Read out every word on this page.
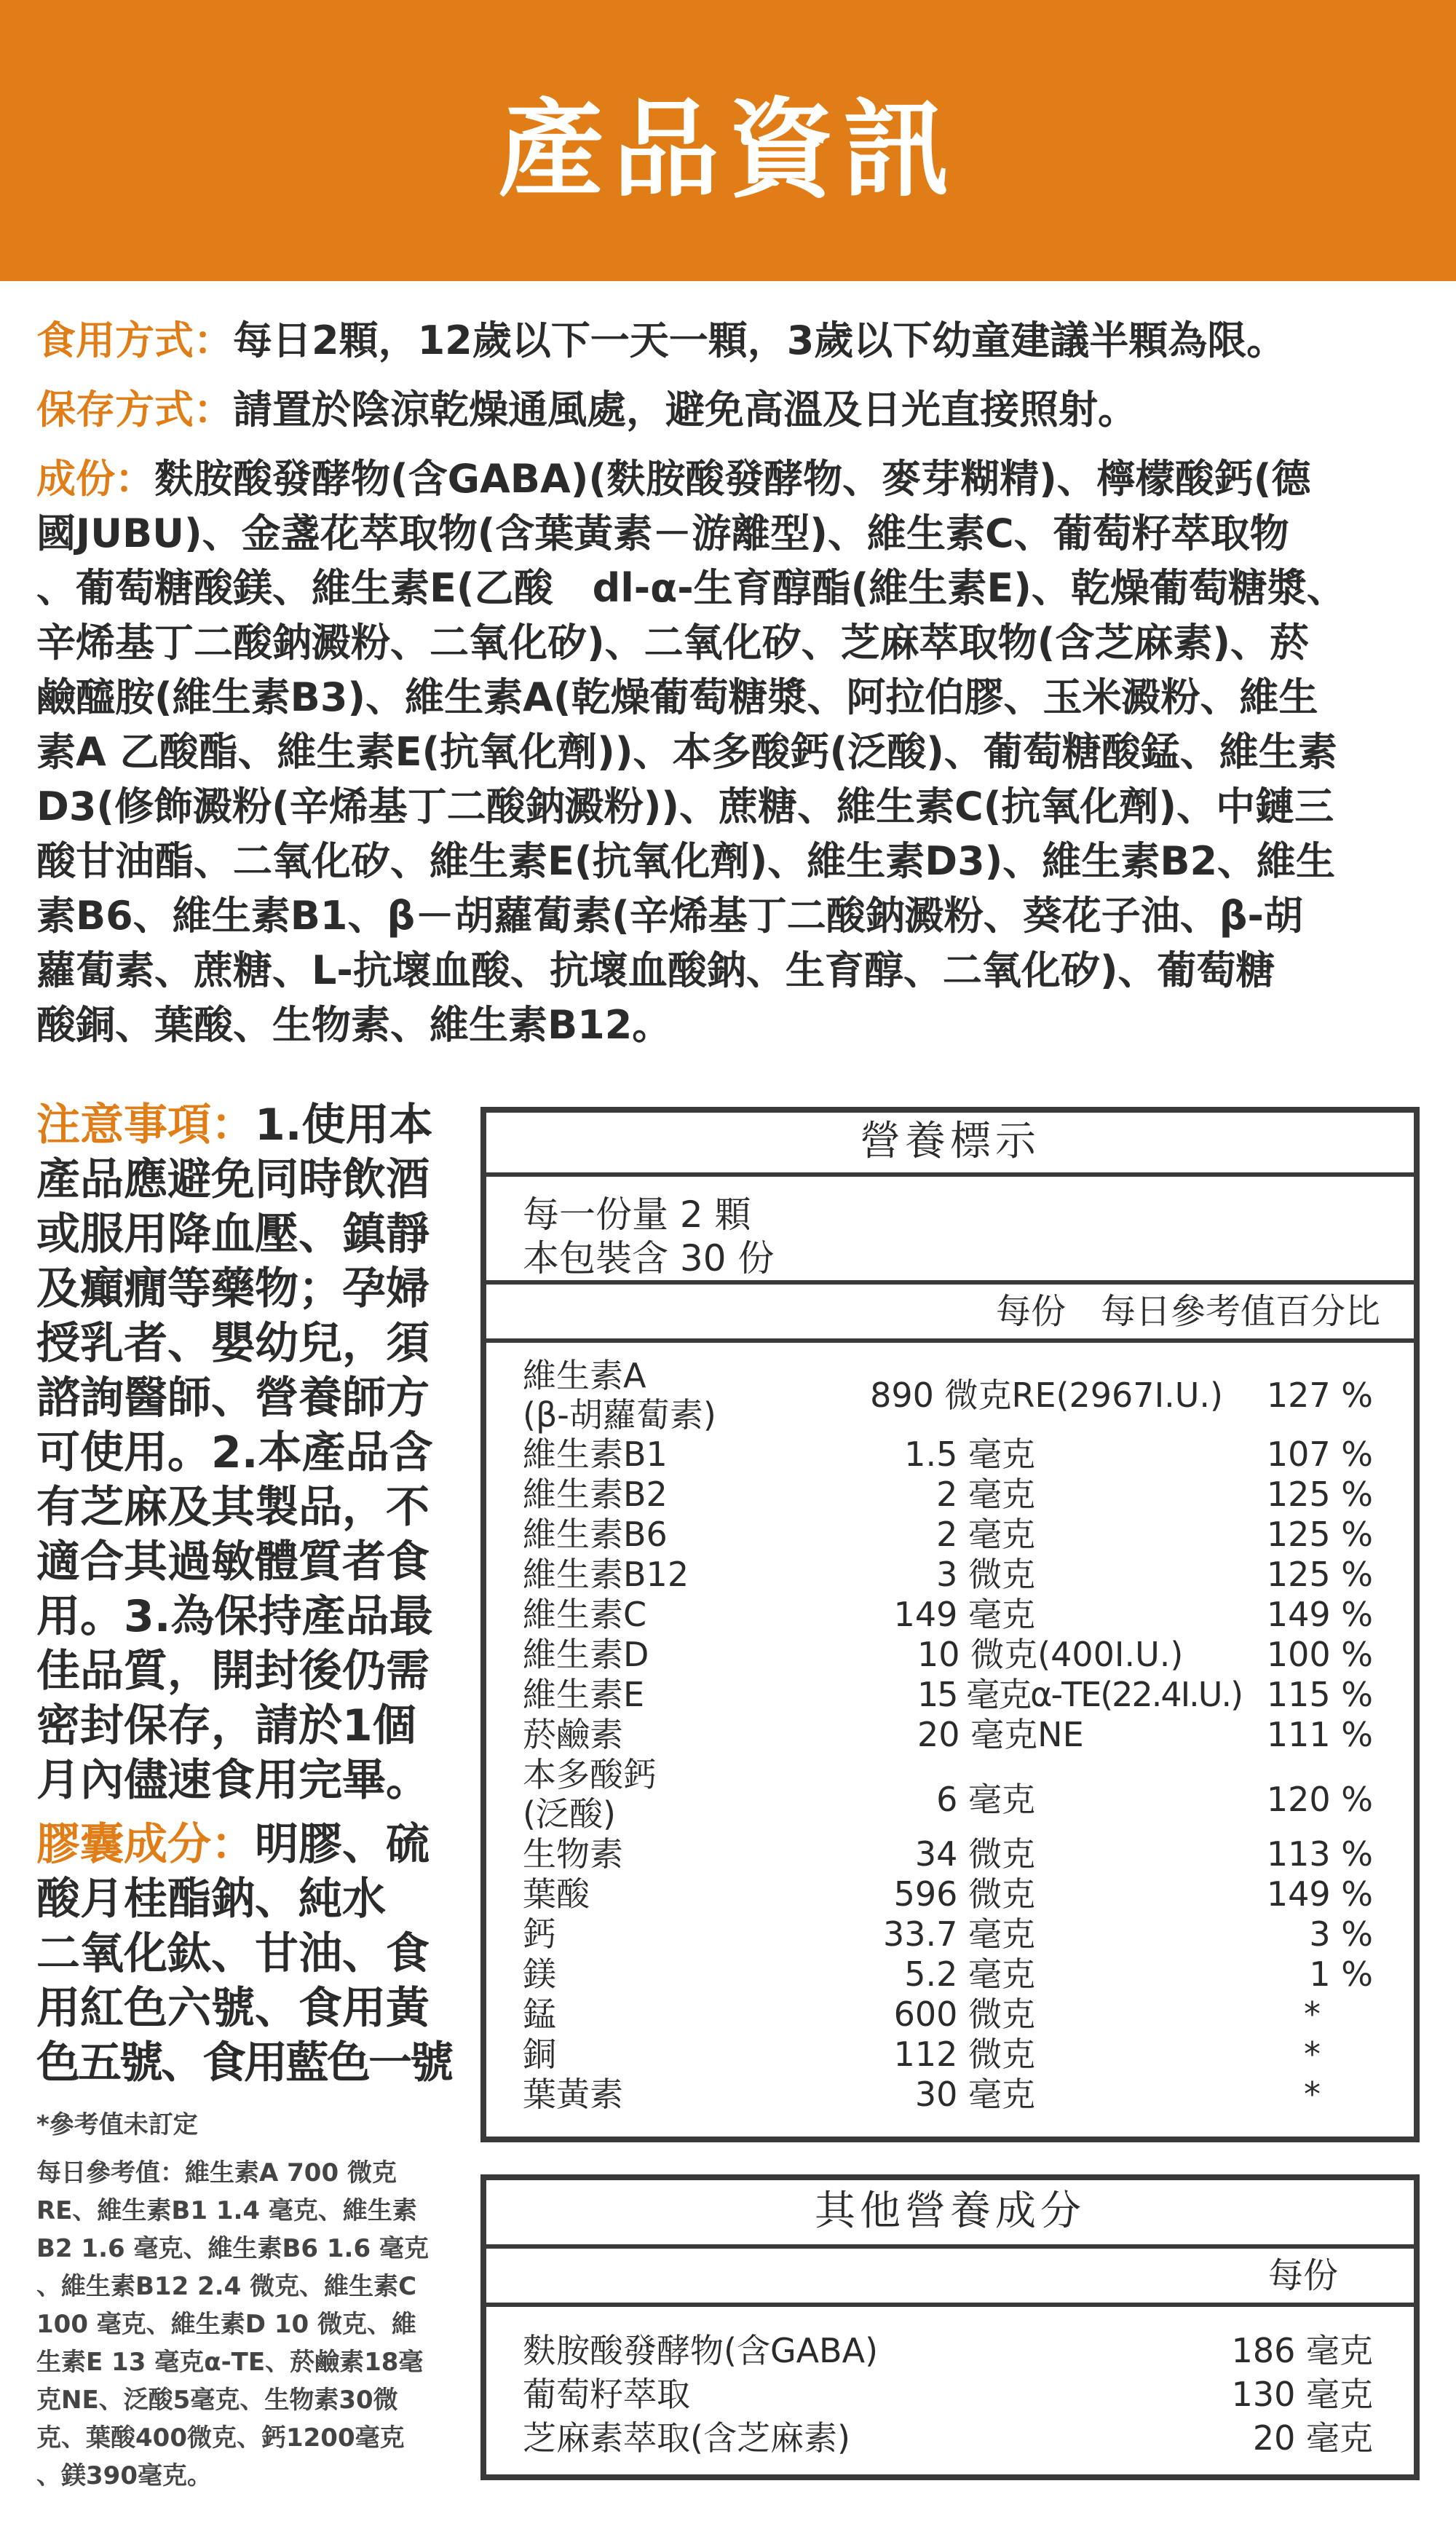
產品資訊
食用方式：每日2顆，12歲以下一天一顆，3歲以下幼童建議半顆為限。
保存方式：請置於陰涼乾燥通風處，避免高溫及日光直接照射。
成份：麩胺酸發酵物(含GABA)(麩胺酸發酵物、麥芽糊精)、檸檬酸鈣(德
國JUBU)、金盞花萃取物(含葉黃素－游離型)、維生素C、葡萄籽萃取物
、葡萄糖酸鎂、維生素E(乙酸　dl-α-生育醇酯(維生素E)、乾燥葡萄糖漿、
辛烯基丁二酸鈉澱粉、二氧化矽)、二氧化矽、芝麻萃取物(含芝麻素)、菸
鹼醯胺(維生素B3)、維生素A(乾燥葡萄糖漿、阿拉伯膠、玉米澱粉、維生
素A 乙酸酯、維生素E(抗氧化劑))、本多酸鈣(泛酸)、葡萄糖酸錳、維生素
D3(修飾澱粉(辛烯基丁二酸鈉澱粉))、蔗糖、維生素C(抗氧化劑)、中鏈三
酸甘油酯、二氧化矽、維生素E(抗氧化劑)、維生素D3)、維生素B2、維生
素B6、維生素B1、β－胡蘿蔔素(辛烯基丁二酸鈉澱粉、葵花子油、β-胡
蘿蔔素、蔗糖、L-抗壞血酸、抗壞血酸鈉、生育醇、二氧化矽)、葡萄糖
酸銅、葉酸、生物素、維生素B12。
注意事項：1.使用本
產品應避免同時飲酒
或服用降血壓、鎮靜
及癲癇等藥物；孕婦
授乳者、嬰幼兒，須
諮詢醫師、營養師方
可使用。2.本產品含
有芝麻及其製品，不
適合其過敏體質者食
用。3.為保持產品最
佳品質，開封後仍需
密封保存，請於1個
月內儘速食用完畢。
膠囊成分：明膠、硫
酸月桂酯鈉、純水
二氧化鈦、甘油、食
用紅色六號、食用黃
色五號、食用藍色一號
*參考值未訂定
每日參考值：維生素A 700 微克
RE、維生素B1 1.4 毫克、維生素
B2 1.6 毫克、維生素B6 1.6 毫克
、維生素B12 2.4 微克、維生素C
100 毫克、維生素D 10 微克、維
生素E 13 毫克α-TE、菸鹼素18毫
克NE、泛酸5毫克、生物素30微
克、葉酸400微克、鈣1200毫克
、鎂390毫克。
營養標示
每一份量 2 顆
本包裝含 30 份
每份　每日參考值百分比
維生素A
(β-胡蘿蔔素)	890 微克RE(2967I.U.) 127 %
維生素B1	1.5 毫克	107 %
維生素B2	2 毫克	125 %
維生素B6	2 毫克	125 %
維生素B12	3 微克	125 %
維生素C	149 毫克	149 %
維生素D	10 微克(400I.U.) 100 %
維生素E	15 毫克α-TE(22.4I.U.) 115 %
菸鹼素	20 毫克NE	111 %
本多酸鈣
(泛酸)	6 毫克	120 %
生物素	34 微克	113 %
葉酸	596 微克	149 %
鈣	33.7 毫克	3 %
鎂	5.2 毫克	1 %
錳	600 微克	*
銅	112 微克	*
葉黃素	30 毫克	*
其他營養成分
每份
麩胺酸發酵物(含GABA)	186 毫克
葡萄籽萃取	130 毫克
芝麻素萃取(含芝麻素)	20 毫克
